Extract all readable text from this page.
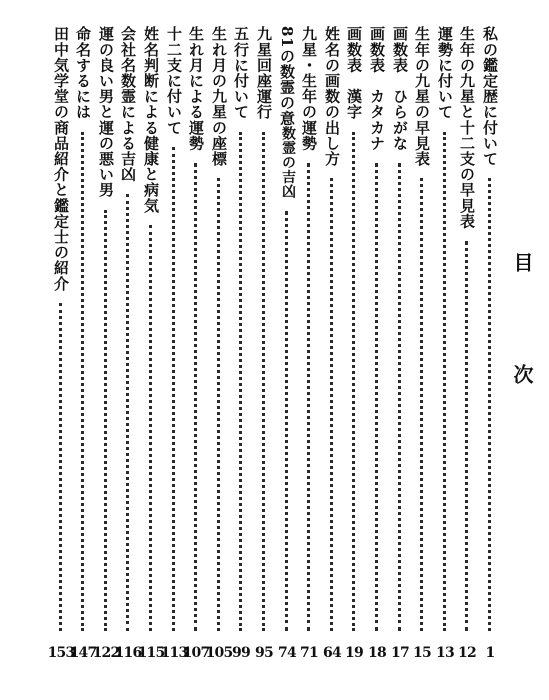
目　次
私の鑑定歴に付いて
生年の九星と十二支の早見表
運勢に付いて
生年の九星の早見表
画数表　ひらがな
画数表　カタカナ
画数表　漢字
姓名の画数の出し方
九星・生年の運勢
81の数霊の意
数霊の吉凶
九星回座運行
五行に付いて
生れ月の九星の座標
生れ月による運勢
十二支に付いて
姓名判断による健康と病気
会社名数霊による吉凶
運の良い男と運の悪い男
命名するには
田中気学堂の商品紹介と鑑定士の紹介
1
12
13
15
17
18
19
64
71
74
95
99
105
107
113
115
116
122
147
153
